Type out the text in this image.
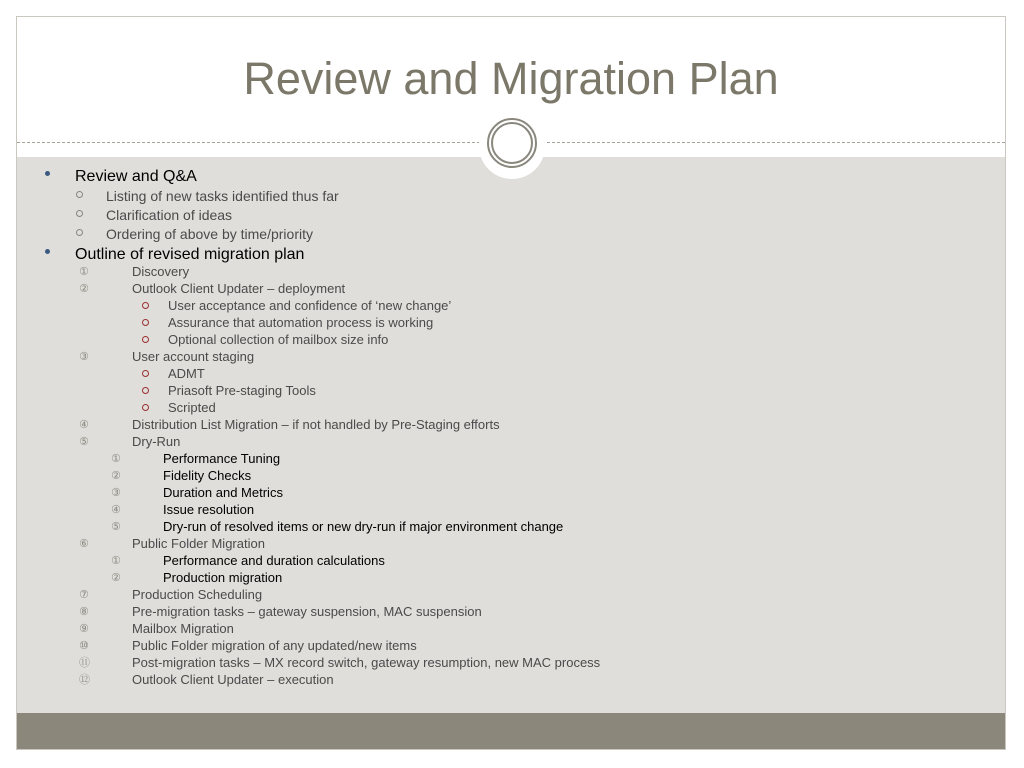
Review and Migration Plan
Review and Q&A
Listing of new tasks identified thus far
Clarification of ideas
Ordering of above by time/priority
Outline of revised migration plan
①	Discovery
②	Outlook Client Updater – deployment
User acceptance and confidence of ‘new change’
Assurance that automation process is working
Optional collection of mailbox size info
③	User account staging
ADMT
Priasoft Pre-staging Tools
Scripted
④	Distribution List Migration – if not handled by Pre-Staging efforts
⑤	Dry-Run
①	Performance Tuning
②	Fidelity Checks
③	Duration and Metrics
④	Issue resolution
⑤	Dry-run of resolved items or new dry-run if major environment change
⑥	Public Folder Migration
①	Performance and duration calculations
②	Production migration
⑦	Production Scheduling
⑧	Pre-migration tasks – gateway suspension, MAC suspension
⑨	Mailbox Migration
⑩	Public Folder migration of any updated/new items
⑪	Post-migration tasks – MX record switch, gateway resumption, new MAC process
⑫	Outlook Client Updater – execution
